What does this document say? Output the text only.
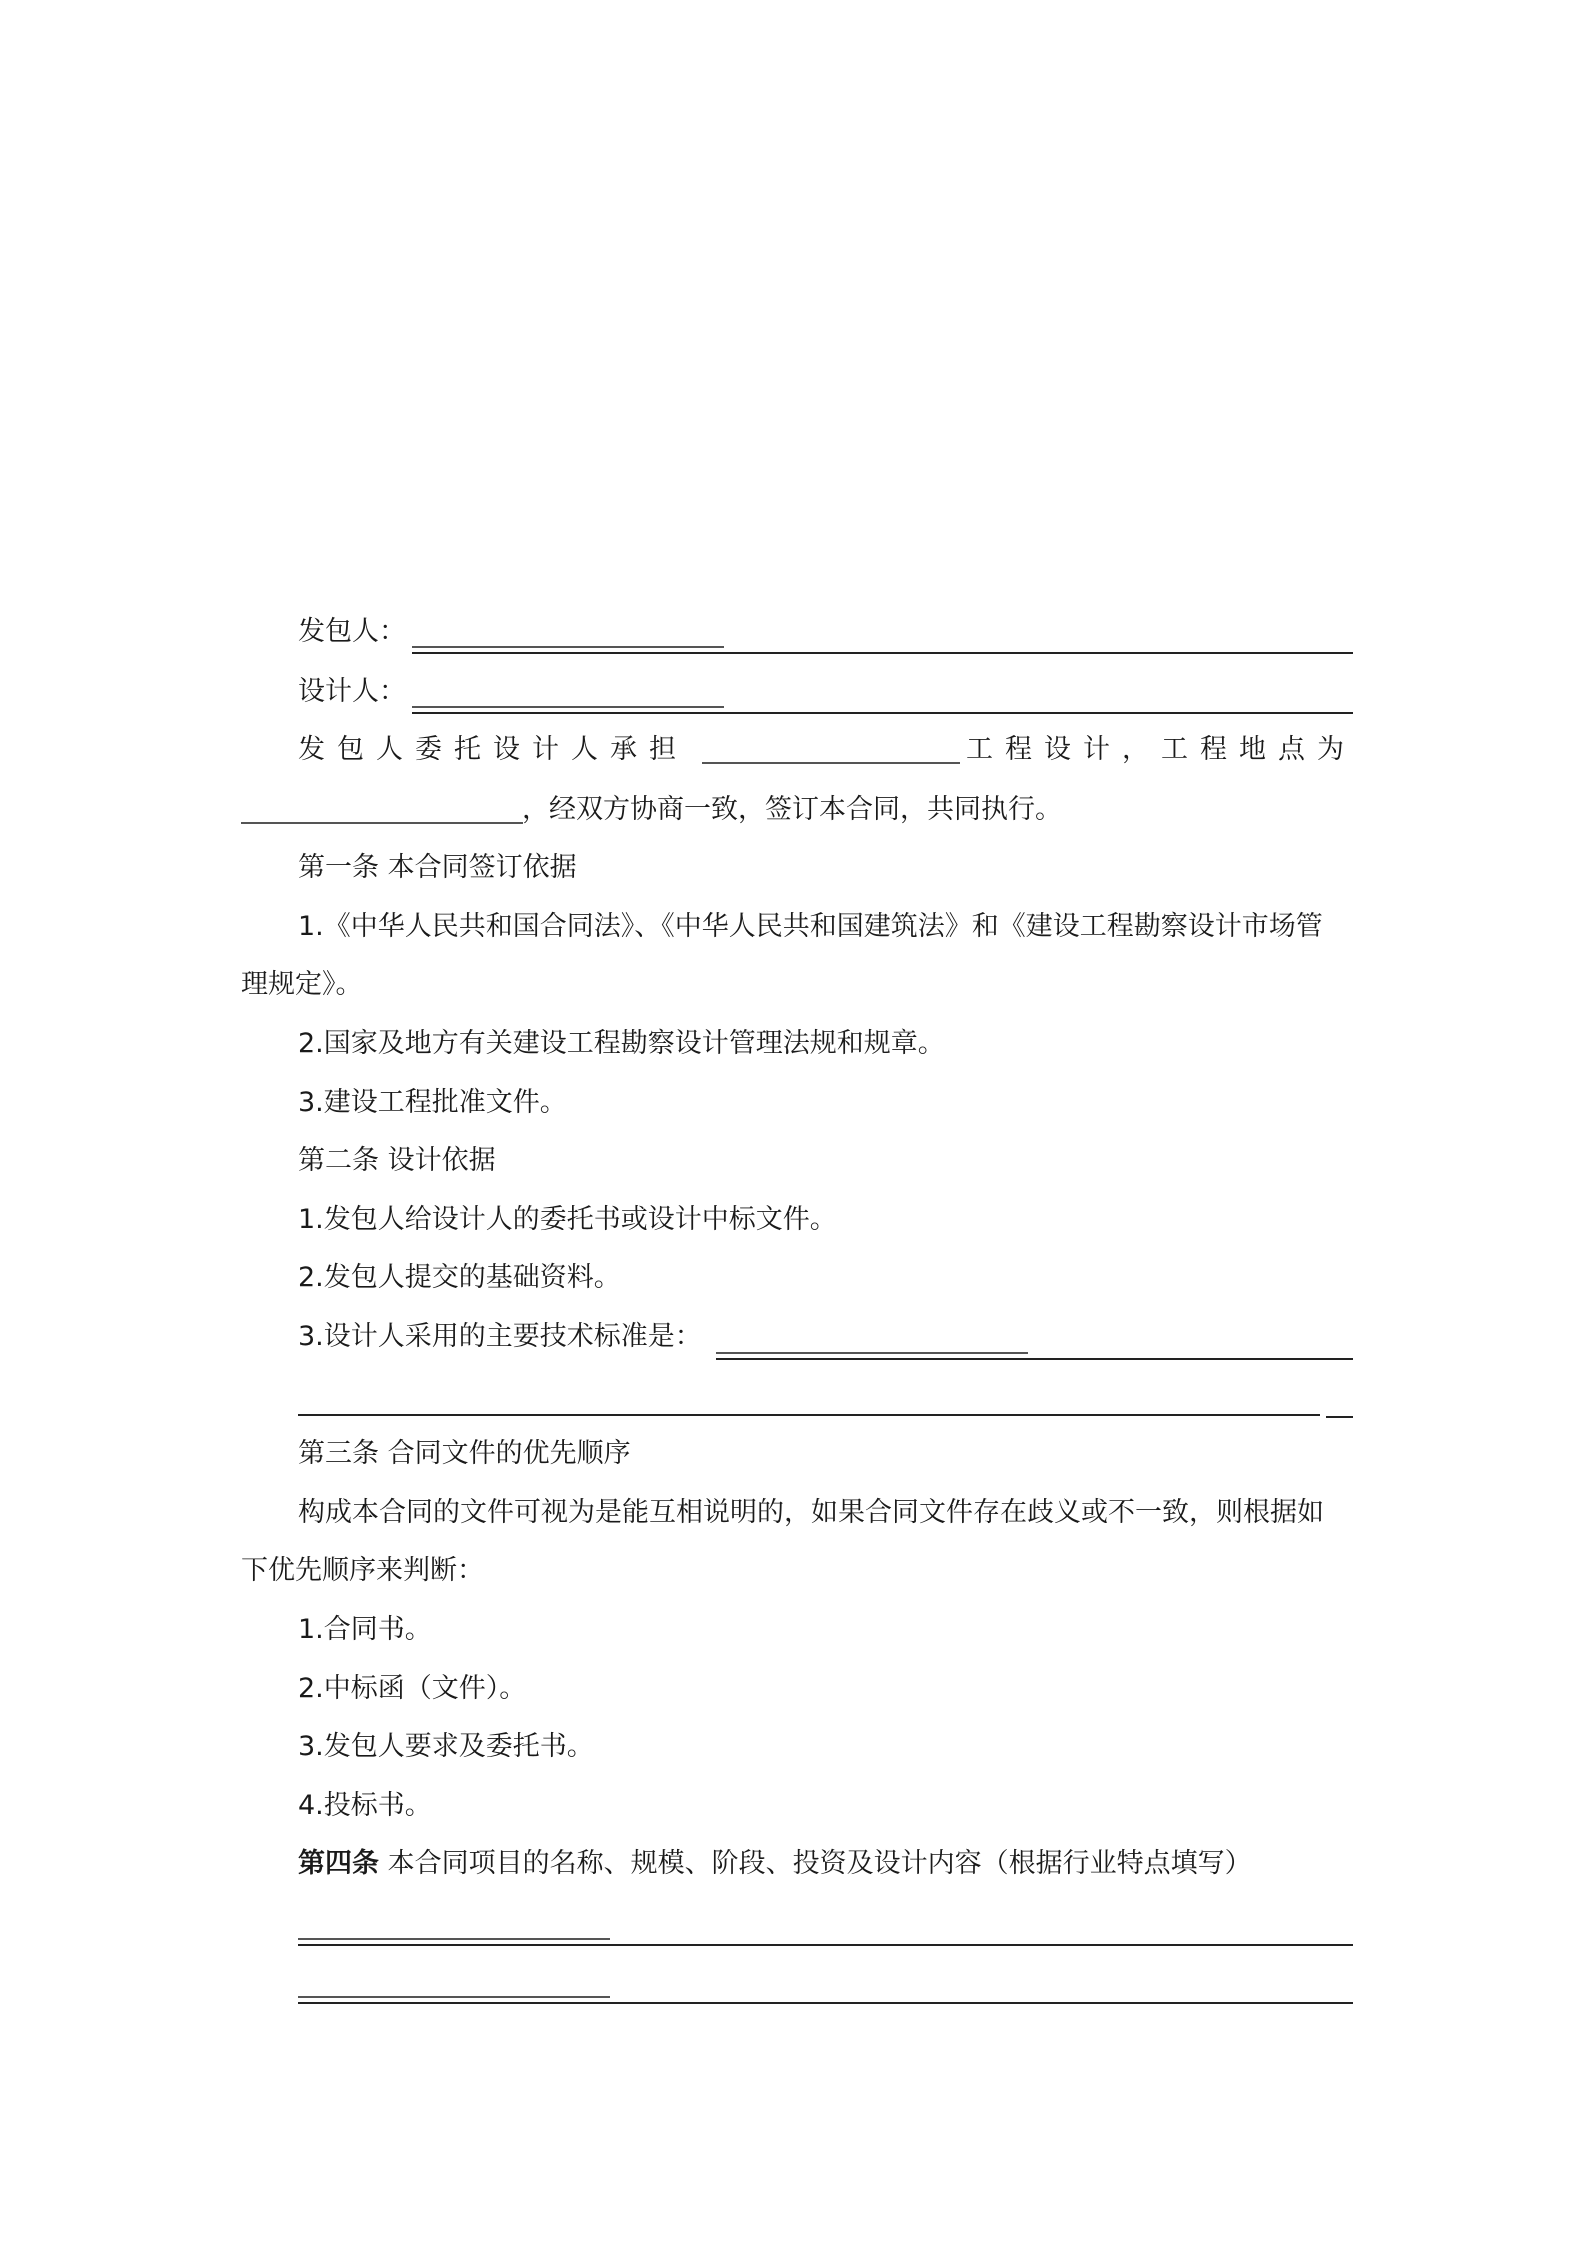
发包人：
设计人：
发包人委托设计人承担	工程设计，工程地点为
，经双方协商一致，签订本合同，共同执行。
第一条 本合同签订依据
1.《中华人民共和国合同法》、《中华人民共和国建筑法》和《建设工程勘察设计市场管
理规定》。
2.国家及地方有关建设工程勘察设计管理法规和规章。
3.建设工程批准文件。
第二条 设计依据
1.发包人给设计人的委托书或设计中标文件。
2.发包人提交的基础资料。
3.设计人采用的主要技术标准是：
第三条 合同文件的优先顺序
构成本合同的文件可视为是能互相说明的，如果合同文件存在歧义或不一致，则根据如
下优先顺序来判断：
1.合同书。
2.中标函（文件）。
3.发包人要求及委托书。
4.投标书。
第四条 本合同项目的名称、规模、阶段、投资及设计内容（根据行业特点填写）
